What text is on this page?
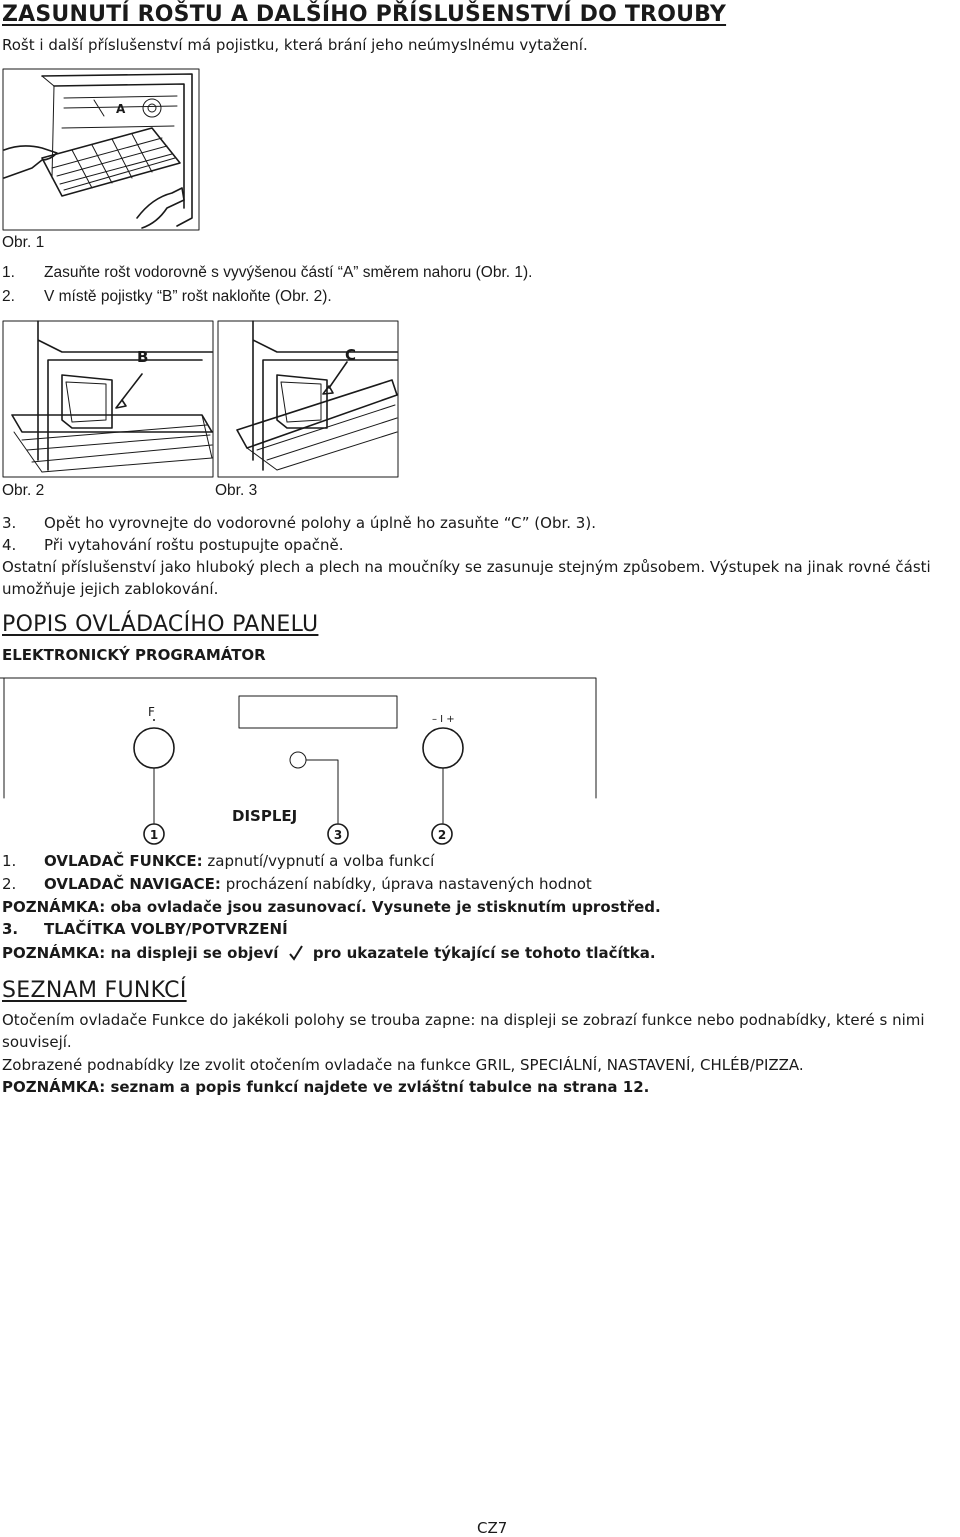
ZASUNUTÍ ROŠTU A DALŠÍHO PŘÍSLUŠENSTVÍ DO TROUBY
Rošt i další příslušenství má pojistku, která brání jeho neúmyslnému vytažení.
A
Obr. 1
1. Zasuňte rošt vodorovně s vyvýšenou částí “A” směrem nahoru (Obr. 1).
2. V místě pojistky “B” rošt nakloňte (Obr. 2).
B	C
Obr. 2	Obr. 3
3. Opět ho vyrovnejte do vodorovné polohy a úplně ho zasuňte “C” (Obr. 3).
4. Při vytahování roštu postupujte opačně.
Ostatní příslušenství jako hluboký plech a plech na moučníky se zasunuje stejným způsobem. Výstupek na jinak rovné části
umožňuje jejich zablokování.
POPIS OVLÁDACÍHO PANELU
ELEKTRONICKÝ PROGRAMÁTOR
F
– I +
1	3	2
DISPLEJ
1. OVLADAČ FUNKCE: zapnutí/vypnutí a volba funkcí
2. OVLADAČ NAVIGACE: procházení nabídky, úprava nastavených hodnot
POZNÁMKA: oba ovladače jsou zasunovací. Vysunete je stisknutím uprostřed.
3. TLAČÍTKA VOLBY/POTVRZENÍ
POZNÁMKA: na displeji se objeví pro ukazatele týkající se tohoto tlačítka.
SEZNAM FUNKCÍ
Otočením ovladače Funkce do jakékoli polohy se trouba zapne: na displeji se zobrazí funkce nebo podnabídky, které s nimi
souvisejí.
Zobrazené podnabídky lze zvolit otočením ovladače na funkce GRIL, SPECIÁLNÍ, NASTAVENÍ, CHLÉB/PIZZA.
POZNÁMKA: seznam a popis funkcí najdete ve zvláštní tabulce na strana 12.
CZ7
